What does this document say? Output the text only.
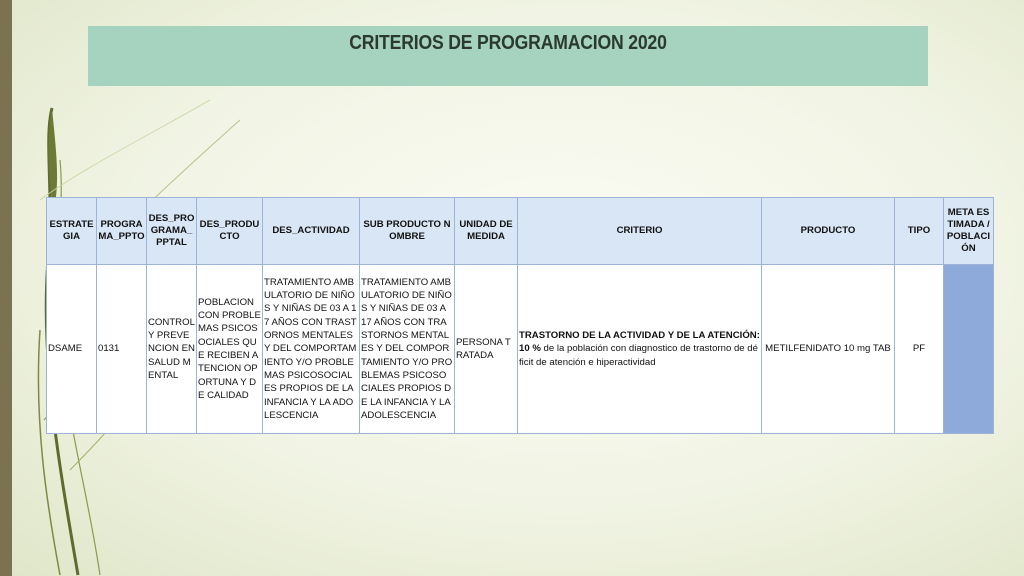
CRITERIOS DE PROGRAMACION 2020
ESTRATEGIA	PROGRAMA_PPTO	DES_PROGRAMA_PPTAL	DES_PRODUCTO	DES_ACTIVIDAD	SUB PRODUCTO NOMBRE	UNIDAD DE MEDIDA	CRITERIO	PRODUCTO	TIPO	META ESTIMADA / POBLACIÓN
DSAME	0131	CONTROL Y PREVENCION EN SALUD MENTAL	POBLACION CON PROBLEMAS PSICOSOCIALES QUE RECIBEN ATENCION OPORTUNA Y DE CALIDAD	TRATAMIENTO AMBULATORIO DE NIÑOS Y NIÑAS DE 03 A 17 AÑOS CON TRASTORNOS MENTALES Y DEL COMPORTAMIENTO Y/O PROBLEMAS PSICOSOCIALES PROPIOS DE LA INFANCIA Y LA ADOLESCENCIA	TRATAMIENTO AMBULATORIO DE NIÑOS Y NIÑAS DE 03 A 17 AÑOS CON TRASTORNOS MENTALES Y DEL COMPORTAMIENTO Y/O PROBLEMAS PSICOSOCIALES PROPIOS DE LA INFANCIA Y LA ADOLESCENCIA	PERSONA TRATADA	TRASTORNO DE LA ACTIVIDAD Y DE LA ATENCIÓN:10 % de la población con diagnostico de trastorno de déficit de atención e hiperactividad	METILFENIDATO 10 mg TAB	PF	
